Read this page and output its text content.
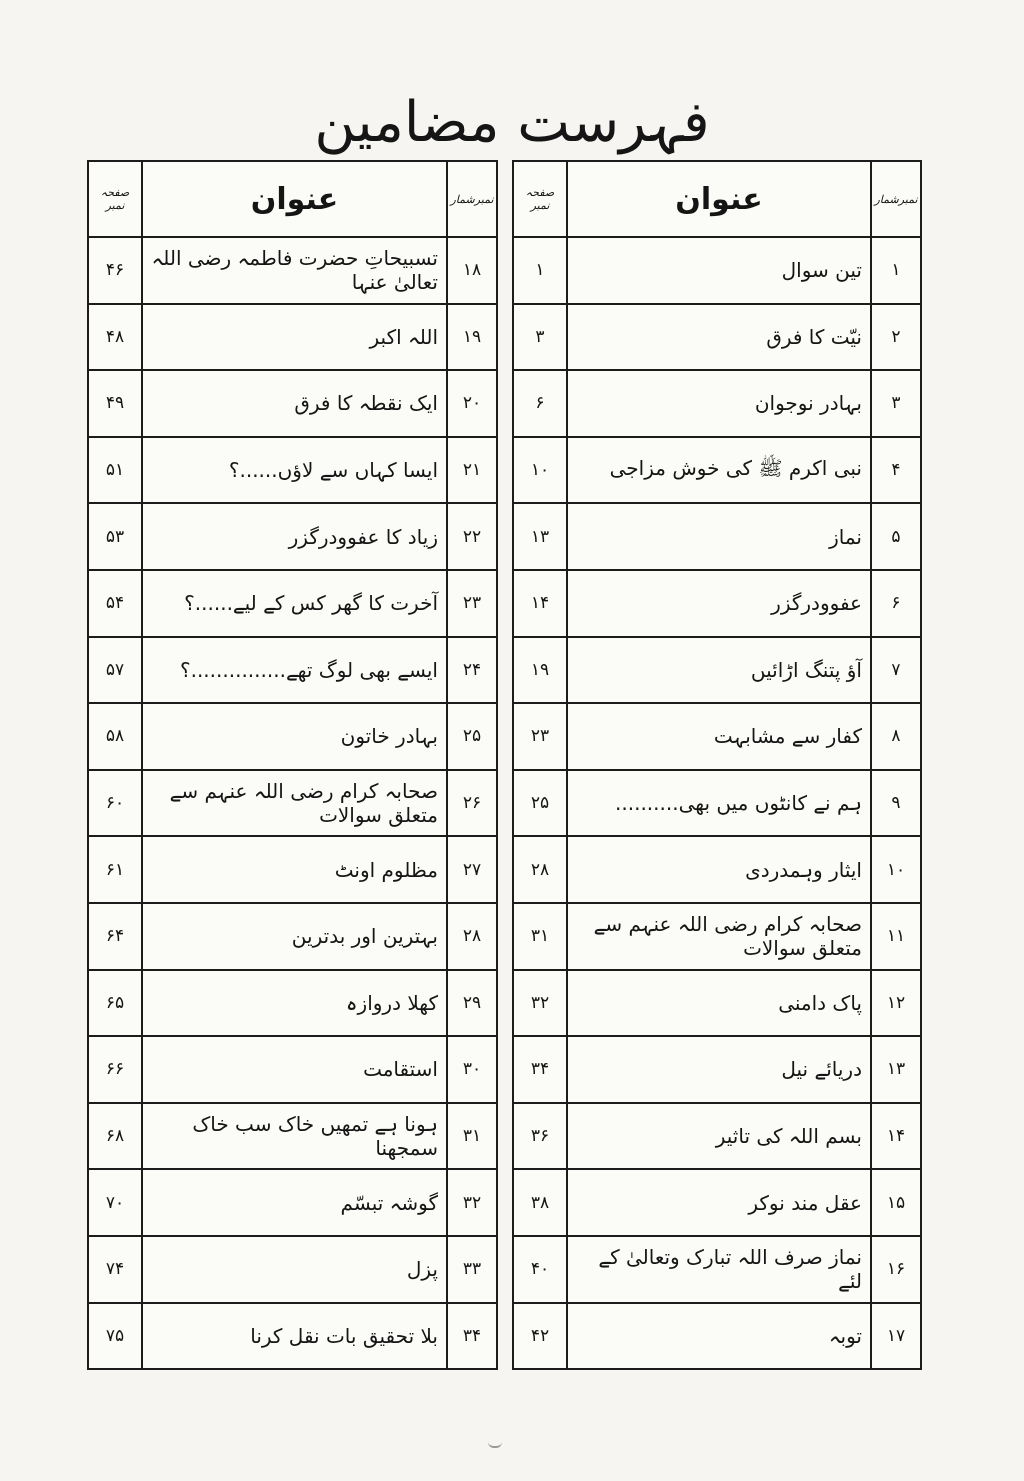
فہرست مضامین
نمبرشمار	عنوان	صفحہ نمبر
۱	تین سوال	۱
۲	نیّت کا فرق	۳
۳	بہادر نوجوان	۶
۴	نبی اکرم ﷺ کی خوش مزاجی	۱۰
۵	نماز	۱۳
۶	عفوودرگزر	۱۴
۷	آؤ پتنگ اڑائیں	۱۹
۸	کفار سے مشابہت	۲۳
۹	ہم نے کانٹوں میں بھی..........	۲۵
۱۰	ایثار وہمدردی	۲۸
۱۱	صحابہ کرام رضی اللہ عنہم سے متعلق سوالات	۳۱
۱۲	پاک دامنی	۳۲
۱۳	دریائے نیل	۳۴
۱۴	بسم اللہ کی تاثیر	۳۶
۱۵	عقل مند نوکر	۳۸
۱۶	نماز صرف اللہ تبارک وتعالیٰ کے لئے	۴۰
۱۷	توبہ	۴۲
نمبرشمار	عنوان	صفحہ نمبر
۱۸	تسبیحاتِ حضرت فاطمہ رضی اللہ تعالیٰ عنہا	۴۶
۱۹	اللہ اکبر	۴۸
۲۰	ایک نقطہ کا فرق	۴۹
۲۱	ایسا کہاں سے لاؤں......؟	۵۱
۲۲	زیاد کا عفوودرگزر	۵۳
۲۳	آخرت کا گھر کس کے لیے......؟	۵۴
۲۴	ایسے بھی لوگ تھے...............؟	۵۷
۲۵	بہادر خاتون	۵۸
۲۶	صحابہ کرام رضی اللہ عنہم سے متعلق سوالات	۶۰
۲۷	مظلوم اونٹ	۶۱
۲۸	بہترین اور بدترین	۶۴
۲۹	کھلا دروازہ	۶۵
۳۰	استقامت	۶۶
۳۱	ہونا ہے تمھیں خاک سب خاک سمجھنا	۶۸
۳۲	گوشہ تبسّم	۷۰
۳۳	پزل	۷۴
۳۴	بلا تحقیق بات نقل کرنا	۷۵
